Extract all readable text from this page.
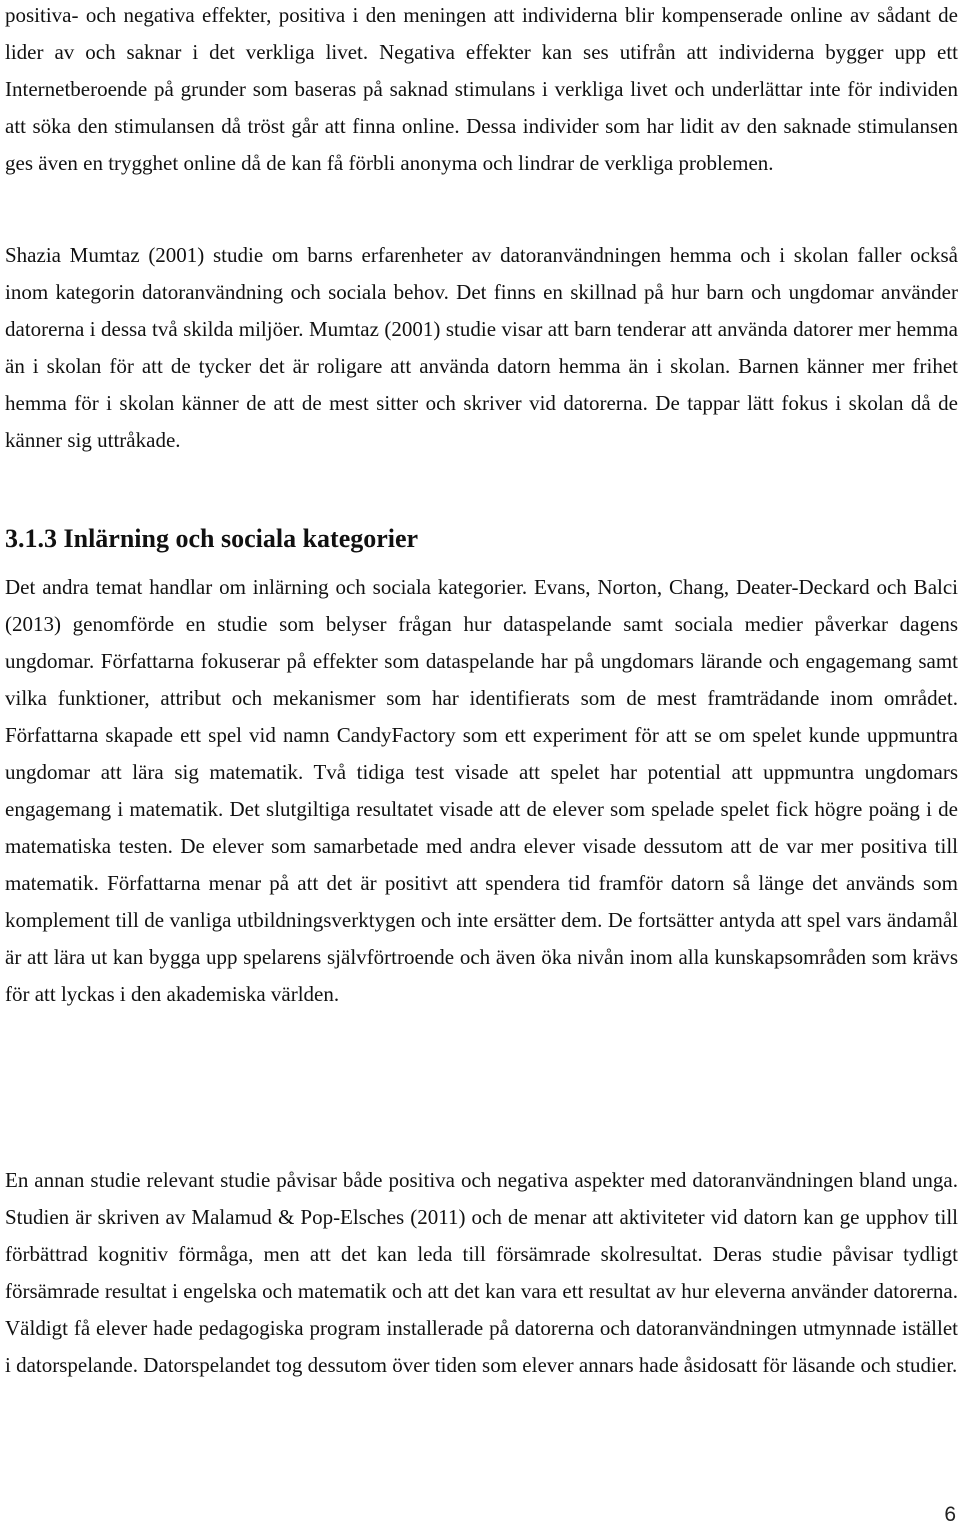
positiva- och negativa effekter, positiva i den meningen att individerna blir kompenserade online av sådant de lider av och saknar i det verkliga livet. Negativa effekter kan ses utifrån att individerna bygger upp ett Internetberoende på grunder som baseras på saknad stimulans i verkliga livet och underlättar inte för individen att söka den stimulansen då tröst går att finna online. Dessa individer som har lidit av den saknade stimulansen ges även en trygghet online då de kan få förbli anonyma och lindrar de verkliga problemen.

Shazia Mumtaz (2001) studie om barns erfarenheter av datoranvändningen hemma och i skolan faller också inom kategorin datoranvändning och sociala behov. Det finns en skillnad på hur barn och ungdomar använder datorerna i dessa två skilda miljöer. Mumtaz (2001) studie visar att barn tenderar att använda datorer mer hemma än i skolan för att de tycker det är roligare att använda datorn hemma än i skolan. Barnen känner mer frihet hemma för i skolan känner de att de mest sitter och skriver vid datorerna. De tappar lätt fokus i skolan då de känner sig uttråkade.

3.1.3 Inlärning och sociala kategorier

Det andra temat handlar om inlärning och sociala kategorier. Evans, Norton, Chang, Deater-Deckard och Balci (2013) genomförde en studie som belyser frågan hur dataspelande samt sociala medier påverkar dagens ungdomar. Författarna fokuserar på effekter som dataspelande har på ungdomars lärande och engagemang samt vilka funktioner, attribut och mekanismer som har identifierats som de mest framträdande inom området. Författarna skapade ett spel vid namn CandyFactory som ett experiment för att se om spelet kunde uppmuntra ungdomar att lära sig matematik. Två tidiga test visade att spelet har potential att uppmuntra ungdomars engagemang i matematik. Det slutgiltiga resultatet visade att de elever som spelade spelet fick högre poäng i de matematiska testen. De elever som samarbetade med andra elever visade dessutom att de var mer positiva till matematik. Författarna menar på att det är positivt att spendera tid framför datorn så länge det används som komplement till de vanliga utbildningsverktygen och inte ersätter dem. De fortsätter antyda att spel vars ändamål är att lära ut kan bygga upp spelarens självförtroende och även öka nivån inom alla kunskapsområden som krävs för att lyckas i den akademiska världen.

En annan studie relevant studie påvisar både positiva och negativa aspekter med datoranvändningen bland unga. Studien är skriven av Malamud & Pop-Elsches (2011) och de menar att aktiviteter vid datorn kan ge upphov till förbättrad kognitiv förmåga, men att det kan leda till försämrade skolresultat. Deras studie påvisar tydligt försämrade resultat i engelska och matematik och att det kan vara ett resultat av hur eleverna använder datorerna. Väldigt få elever hade pedagogiska program installerade på datorerna och datoranvändningen utmynnade istället i datorspelande. Datorspelandet tog dessutom över tiden som elever annars hade åsidosatt för läsande och studier.

6
